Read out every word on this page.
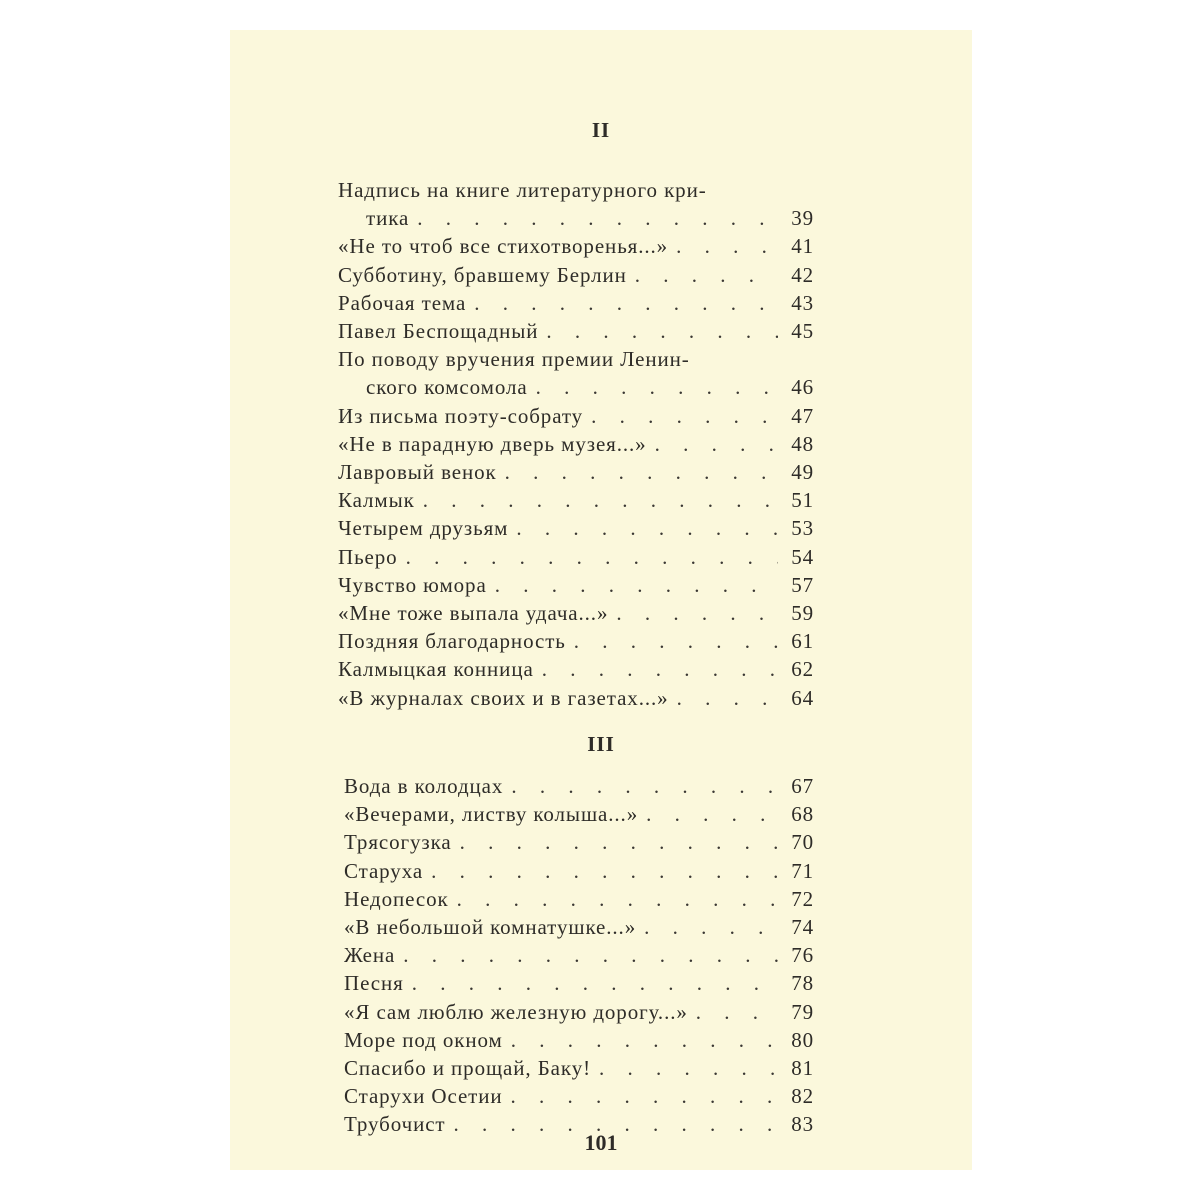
II
Надпись на книге литературного кри-
тика . . .	39
«Не то чтоб все стихотворенья...» . . .	41
Субботину, бравшему Берлин . . .	42
Рабочая тема . . .	43
Павел Беспощадный . . .	45
По поводу вручения премии Ленин-
ского комсомола . . .	46
Из письма поэту-собрату . . .	47
«Не в парадную дверь музея...» . . .	48
Лавровый венок . . .	49
Калмык . . .	51
Четырем друзьям . . .	53
Пьеро . . .	54
Чувство юмора . . .	57
«Мне тоже выпала удача...» . . .	59
Поздняя благодарность . . .	61
Калмыцкая конница . . .	62
«В журналах своих и в газетах...» . . .	64
III
Вода в колодцах . . .	67
«Вечерами, листву колыша...» . . .	68
Трясогузка . . .	70
Старуха . . .	71
Недопесок . . .	72
«В небольшой комнатушке...» . . .	74
Жена . . .	76
Песня . . .	78
«Я сам люблю железную дорогу...» . . .	79
Море под окном . . .	80
Спасибо и прощай, Баку! . . .	81
Старухи Осетии . . .	82
Трубочист . . .	83
101
